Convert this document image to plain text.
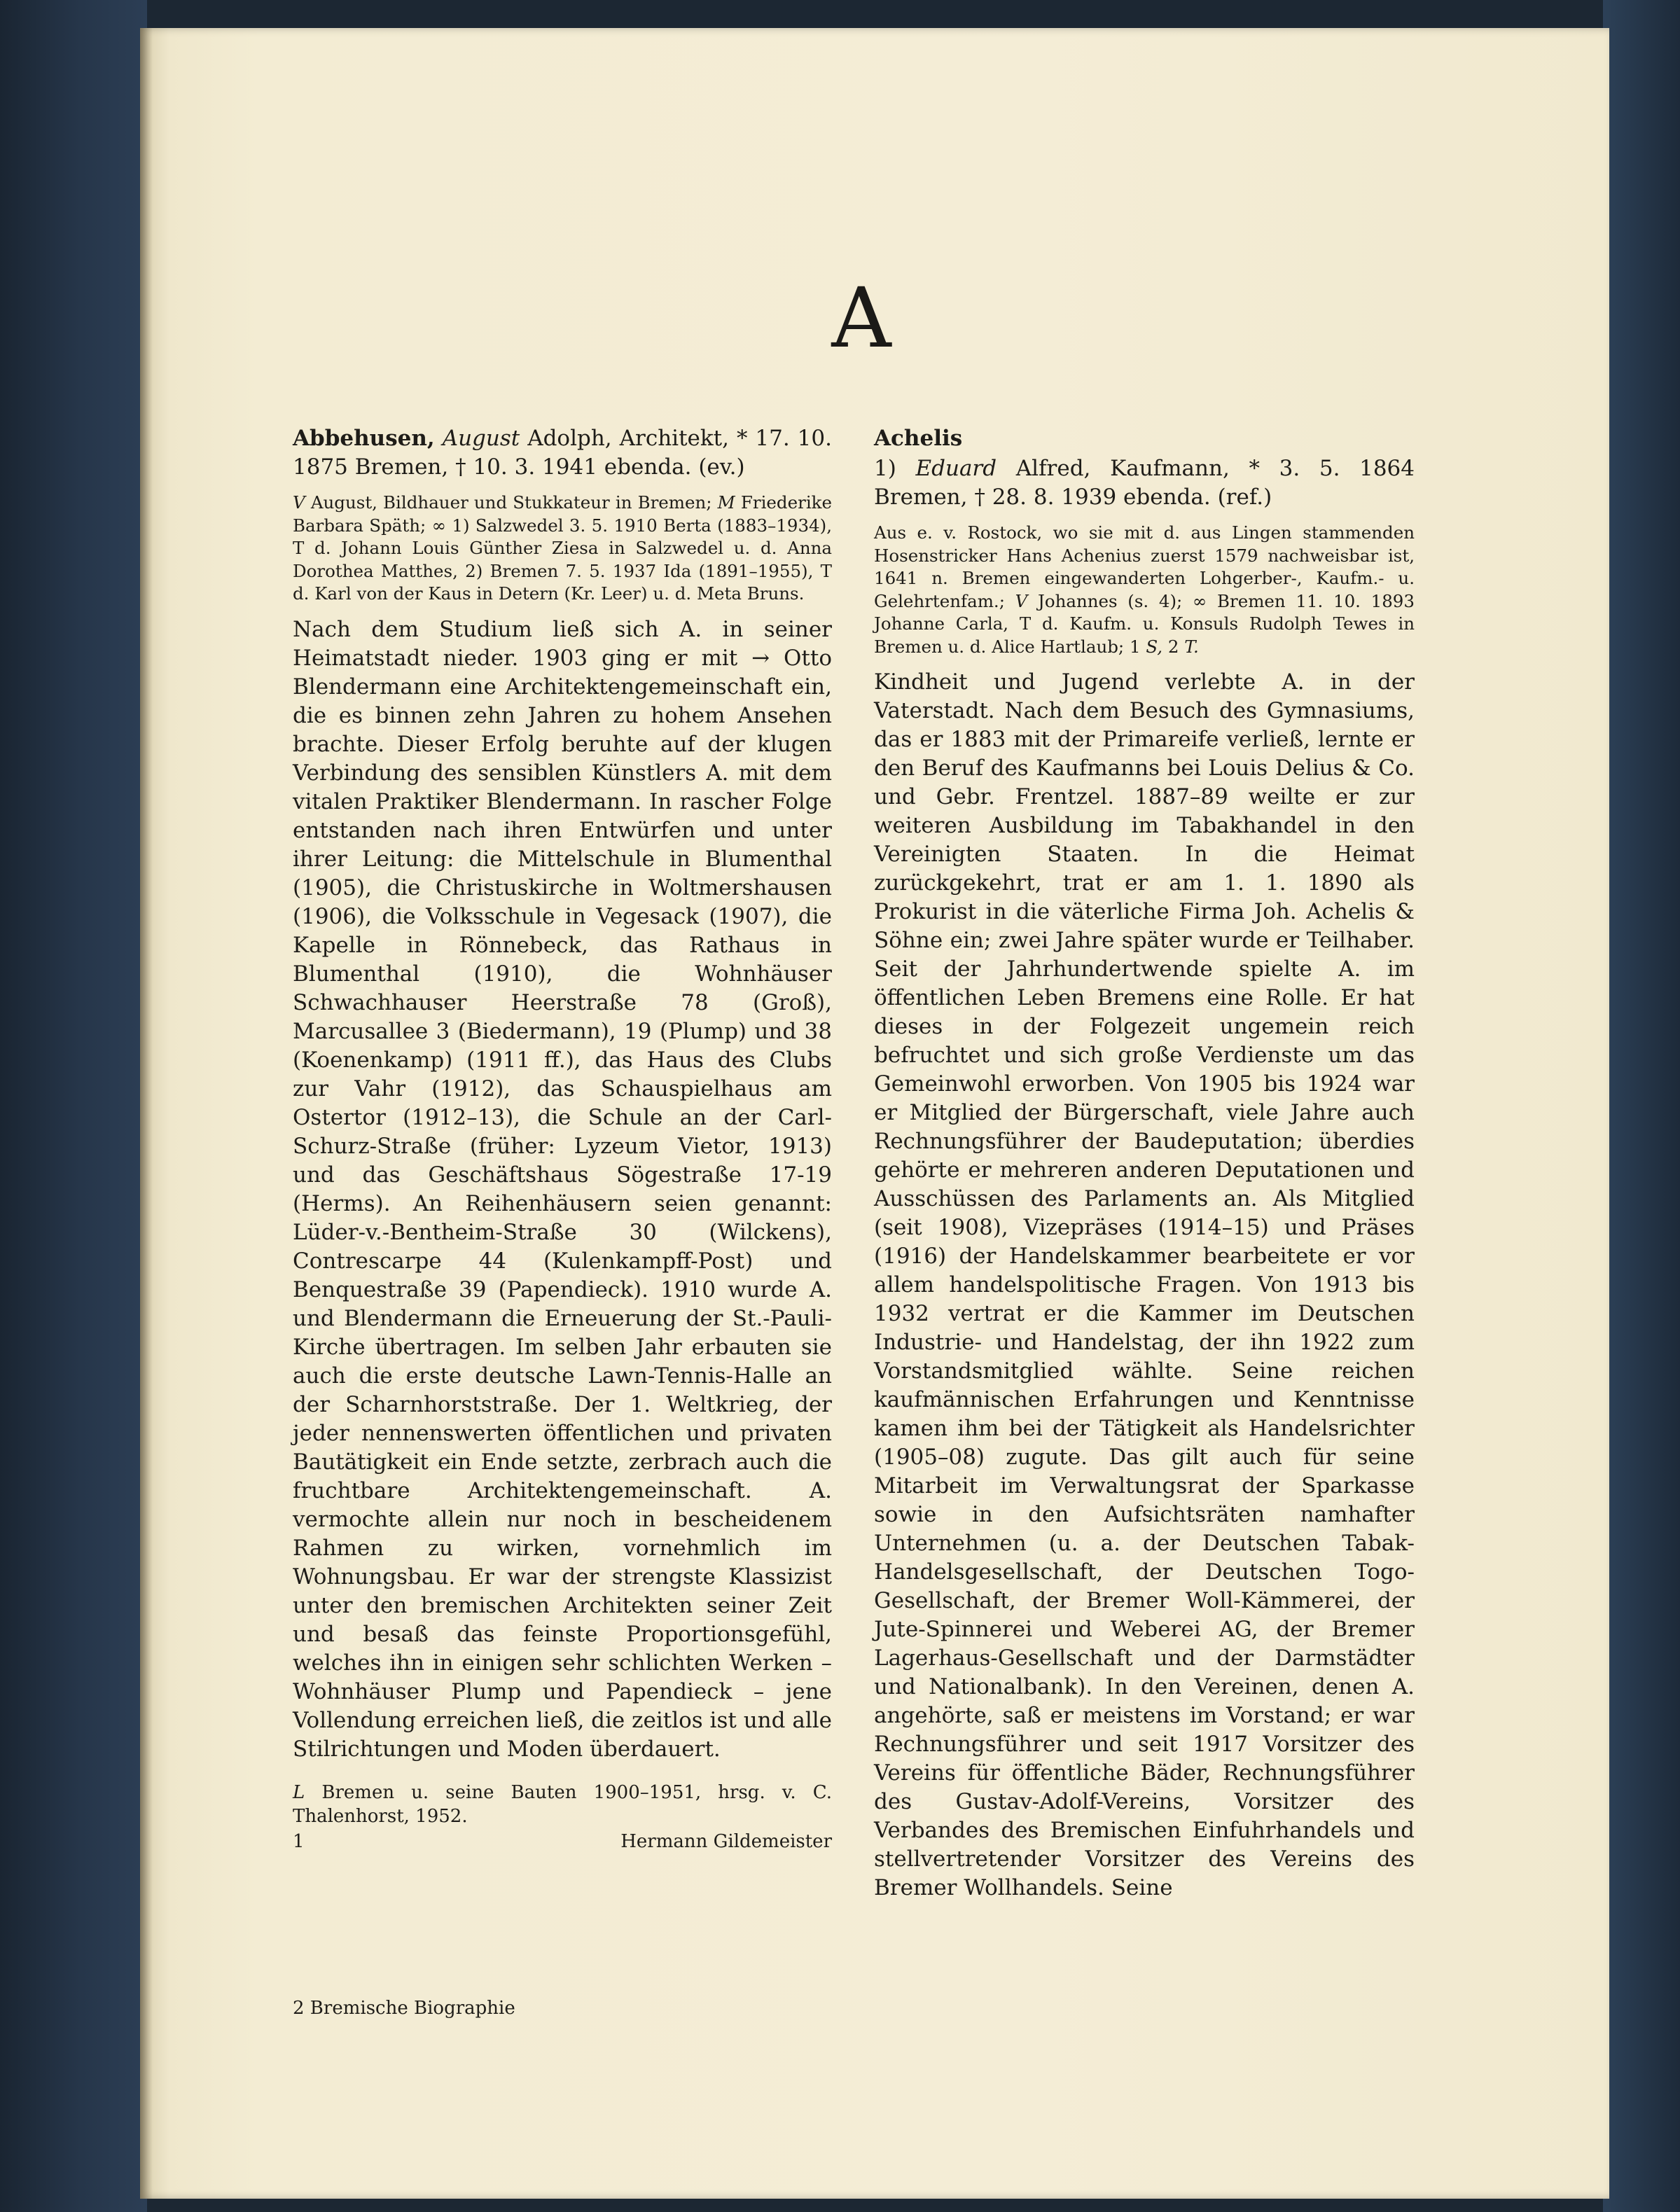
A

Abbehusen, August Adolph, Architekt, * 17. 10. 1875 Bremen, † 10. 3. 1941 ebenda. (ev.)

V August, Bildhauer und Stukkateur in Bremen; M Friederike Barbara Späth; ∞ 1) Salzwedel 3. 5. 1910 Berta (1883–1934), T d. Johann Louis Günther Ziesa in Salzwedel u. d. Anna Dorothea Matthes, 2) Bremen 7. 5. 1937 Ida (1891–1955), T d. Karl von der Kaus in Detern (Kr. Leer) u. d. Meta Bruns.

Nach dem Studium ließ sich A. in seiner Heimatstadt nieder. 1903 ging er mit → Otto Blendermann eine Architektengemeinschaft ein, die es binnen zehn Jahren zu hohem Ansehen brachte. Dieser Erfolg beruhte auf der klugen Verbindung des sensiblen Künstlers A. mit dem vitalen Praktiker Blendermann. In rascher Folge entstanden nach ihren Entwürfen und unter ihrer Leitung: die Mittelschule in Blumenthal (1905), die Christuskirche in Woltmershausen (1906), die Volksschule in Vegesack (1907), die Kapelle in Rönnebeck, das Rathaus in Blumenthal (1910), die Wohnhäuser Schwachhauser Heerstraße 78 (Groß), Marcusallee 3 (Biedermann), 19 (Plump) und 38 (Koenenkamp) (1911 ff.), das Haus des Clubs zur Vahr (1912), das Schauspielhaus am Ostertor (1912–13), die Schule an der Carl-Schurz-Straße (früher: Lyzeum Vietor, 1913) und das Geschäftshaus Sögestraße 17-19 (Herms). An Reihenhäusern seien genannt: Lüder-v.-Bentheim-Straße 30 (Wilckens), Contrescarpe 44 (Kulenkampff-Post) und Benquestraße 39 (Papendieck). 1910 wurde A. und Blendermann die Erneuerung der St.-Pauli-Kirche übertragen. Im selben Jahr erbauten sie auch die erste deutsche Lawn-Tennis-Halle an der Scharnhorststraße. Der 1. Weltkrieg, der jeder nennenswerten öffentlichen und privaten Bautätigkeit ein Ende setzte, zerbrach auch die fruchtbare Architektengemeinschaft. A. vermochte allein nur noch in bescheidenem Rahmen zu wirken, vornehmlich im Wohnungsbau. Er war der strengste Klassizist unter den bremischen Architekten seiner Zeit und besaß das feinste Proportionsgefühl, welches ihn in einigen sehr schlichten Werken – Wohnhäuser Plump und Papendieck – jene Vollendung erreichen ließ, die zeitlos ist und alle Stilrichtungen und Moden überdauert.

L Bremen u. seine Bauten 1900–1951, hrsg. v. C. Thalenhorst, 1952.

1	Hermann Gildemeister

Achelis

1) Eduard Alfred, Kaufmann, * 3. 5. 1864 Bremen, † 28. 8. 1939 ebenda. (ref.)

Aus e. v. Rostock, wo sie mit d. aus Lingen stammenden Hosenstricker Hans Achenius zuerst 1579 nachweisbar ist, 1641 n. Bremen eingewanderten Lohgerber-, Kaufm.- u. Gelehrtenfam.; V Johannes (s. 4); ∞ Bremen 11. 10. 1893 Johanne Carla, T d. Kaufm. u. Konsuls Rudolph Tewes in Bremen u. d. Alice Hartlaub; 1 S, 2 T.

Kindheit und Jugend verlebte A. in der Vaterstadt. Nach dem Besuch des Gymnasiums, das er 1883 mit der Primareife verließ, lernte er den Beruf des Kaufmanns bei Louis Delius & Co. und Gebr. Frentzel. 1887–89 weilte er zur weiteren Ausbildung im Tabakhandel in den Vereinigten Staaten. In die Heimat zurückgekehrt, trat er am 1. 1. 1890 als Prokurist in die väterliche Firma Joh. Achelis & Söhne ein; zwei Jahre später wurde er Teilhaber. Seit der Jahrhundertwende spielte A. im öffentlichen Leben Bremens eine Rolle. Er hat dieses in der Folgezeit ungemein reich befruchtet und sich große Verdienste um das Gemeinwohl erworben. Von 1905 bis 1924 war er Mitglied der Bürgerschaft, viele Jahre auch Rechnungsführer der Baudeputation; überdies gehörte er mehreren anderen Deputationen und Ausschüssen des Parlaments an. Als Mitglied (seit 1908), Vizepräses (1914–15) und Präses (1916) der Handelskammer bearbeitete er vor allem handelspolitische Fragen. Von 1913 bis 1932 vertrat er die Kammer im Deutschen Industrie- und Handelstag, der ihn 1922 zum Vorstandsmitglied wählte. Seine reichen kaufmännischen Erfahrungen und Kenntnisse kamen ihm bei der Tätigkeit als Handelsrichter (1905–08) zugute. Das gilt auch für seine Mitarbeit im Verwaltungsrat der Sparkasse sowie in den Aufsichtsräten namhafter Unternehmen (u. a. der Deutschen Tabak-Handelsgesellschaft, der Deutschen Togo-Gesellschaft, der Bremer Woll-Kämmerei, der Jute-Spinnerei und Weberei AG, der Bremer Lagerhaus-Gesellschaft und der Darmstädter und Nationalbank). In den Vereinen, denen A. angehörte, saß er meistens im Vorstand; er war Rechnungsführer und seit 1917 Vorsitzer des Vereins für öffentliche Bäder, Rechnungsführer des Gustav-Adolf-Vereins, Vorsitzer des Verbandes des Bremischen Einfuhrhandels und stellvertretender Vorsitzer des Vereins des Bremer Wollhandels. Seine

2 Bremische Biographie
